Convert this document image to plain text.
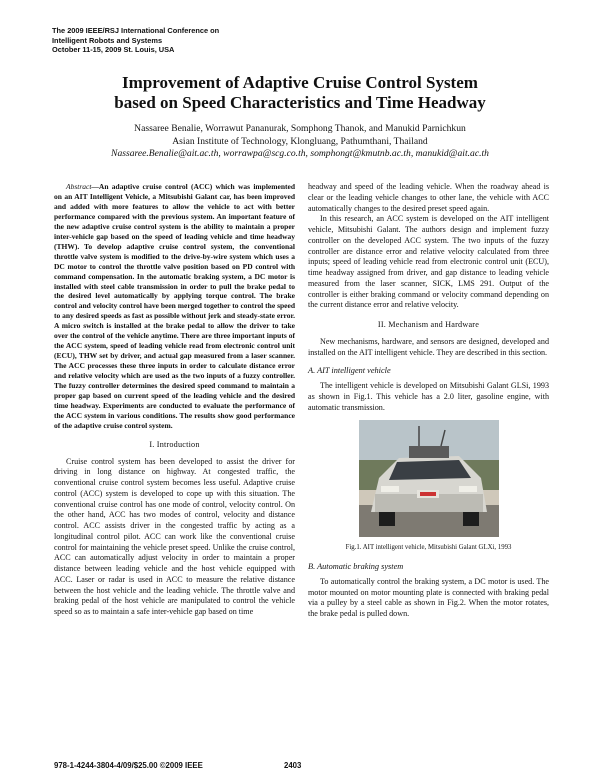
The 2009 IEEE/RSJ International Conference on
Intelligent Robots and Systems
October 11-15, 2009 St. Louis, USA
Improvement of Adaptive Cruise Control System
based on Speed Characteristics and Time Headway
Nassaree Benalie, Worrawut Pananurak, Somphong Thanok, and Manukid Parnichkun
Asian Institute of Technology, Klongluang, Pathumthani, Thailand
Nassaree.Benalie@ait.ac.th, worrawpa@scg.co.th, somphongt@kmutnb.ac.th, manukid@ait.ac.th

Abstract—An adaptive cruise control (ACC) which was implemented on an AIT Intelligent Vehicle, a Mitsubishi Galant car, has been improved and added with more features to allow the vehicle to act with better performance compared with the previous system. An important feature of the new adaptive cruise control system is the ability to maintain a proper inter-vehicle gap based on the speed of leading vehicle and time headway (THW). To develop adaptive cruise control system, the conventional throttle valve system is modified to the drive-by-wire system which uses a DC motor to control the throttle valve position based on PD control with command compensation. In the automatic braking system, a DC motor is installed with steel cable transmission in order to pull the brake pedal to the desired level automatically by applying torque control. The brake control and velocity control have been merged together to control the speed to any desired speeds as fast as possible without jerk and steady-state error. A micro switch is installed at the brake pedal to allow the driver to take over the control of the vehicle anytime. There are three important inputs of the ACC system, speed of leading vehicle read from electronic control unit (ECU), THW set by driver, and actual gap measured from a laser scanner. The ACC processes these three inputs in order to calculate distance error and relative velocity which are used as the two inputs of a fuzzy controller. The fuzzy controller determines the desired speed command to maintain a proper gap based on current speed of the leading vehicle and the desired time headway. Experiments are conducted to evaluate the performance of the ACC system in various conditions. The results show good performance of the adaptive cruise control system.

I. Introduction

Cruise control system has been developed to assist the driver for driving in long distance on highway. At congested traffic, the conventional cruise control system becomes less useful. Adaptive cruise control (ACC) system is developed to cope up with this situation. The conventional cruise control has one mode of control, velocity control. On the other hand, ACC has two modes of control, velocity and distance control. ACC assists driver in the congested traffic by acting as a longitudinal control pilot. ACC can work like the conventional cruise control for maintaining the vehicle preset speed. Unlike the cruise control, ACC can automatically adjust velocity in order to maintain a proper distance between leading vehicle and the host vehicle equipped with ACC. Laser or radar is used in ACC to measure the relative distance between the host vehicle and the leading vehicle. The throttle valve and braking pedal of the host vehicle are manipulated to control the vehicle speed so as to maintain a safe inter-vehicle gap based on time

headway and speed of the leading vehicle. When the roadway ahead is clear or the leading vehicle changes to other lane, the vehicle with ACC automatically changes to the desired preset speed again.

In this research, an ACC system is developed on the AIT intelligent vehicle, Mitsubishi Galant. The authors design and implement fuzzy controller on the developed ACC system. The two inputs of the fuzzy controller are distance error and relative velocity calculated from three inputs; speed of leading vehicle read from electronic control unit (ECU), time headway assigned from driver, and gap distance to leading vehicle measured from the laser scanner, SICK, LMS 291. Output of the controller is either braking command or velocity command depending on the current distance error and relative velocity.

II. Mechanism and Hardware

New mechanisms, hardware, and sensors are designed, developed and installed on the AIT intelligent vehicle. They are described in this section.

A. AIT intelligent vehicle

The intelligent vehicle is developed on Mitsubishi Galant GLSi, 1993 as shown in Fig.1. This vehicle has a 2.0 liter, gasoline engine, with automatic transmission.

Fig.1. AIT intelligent vehicle, Mitsubishi Galant GLXi, 1993
B. Automatic braking system

To automatically control the braking system, a DC motor is used. The motor mounted on motor mounting plate is connected with braking pedal via a pulley by a steel cable as shown in Fig.2. When the motor rotates, the brake pedal is pulled down.

978-1-4244-3804-4/09/$25.00 ©2009 IEEE	2403
